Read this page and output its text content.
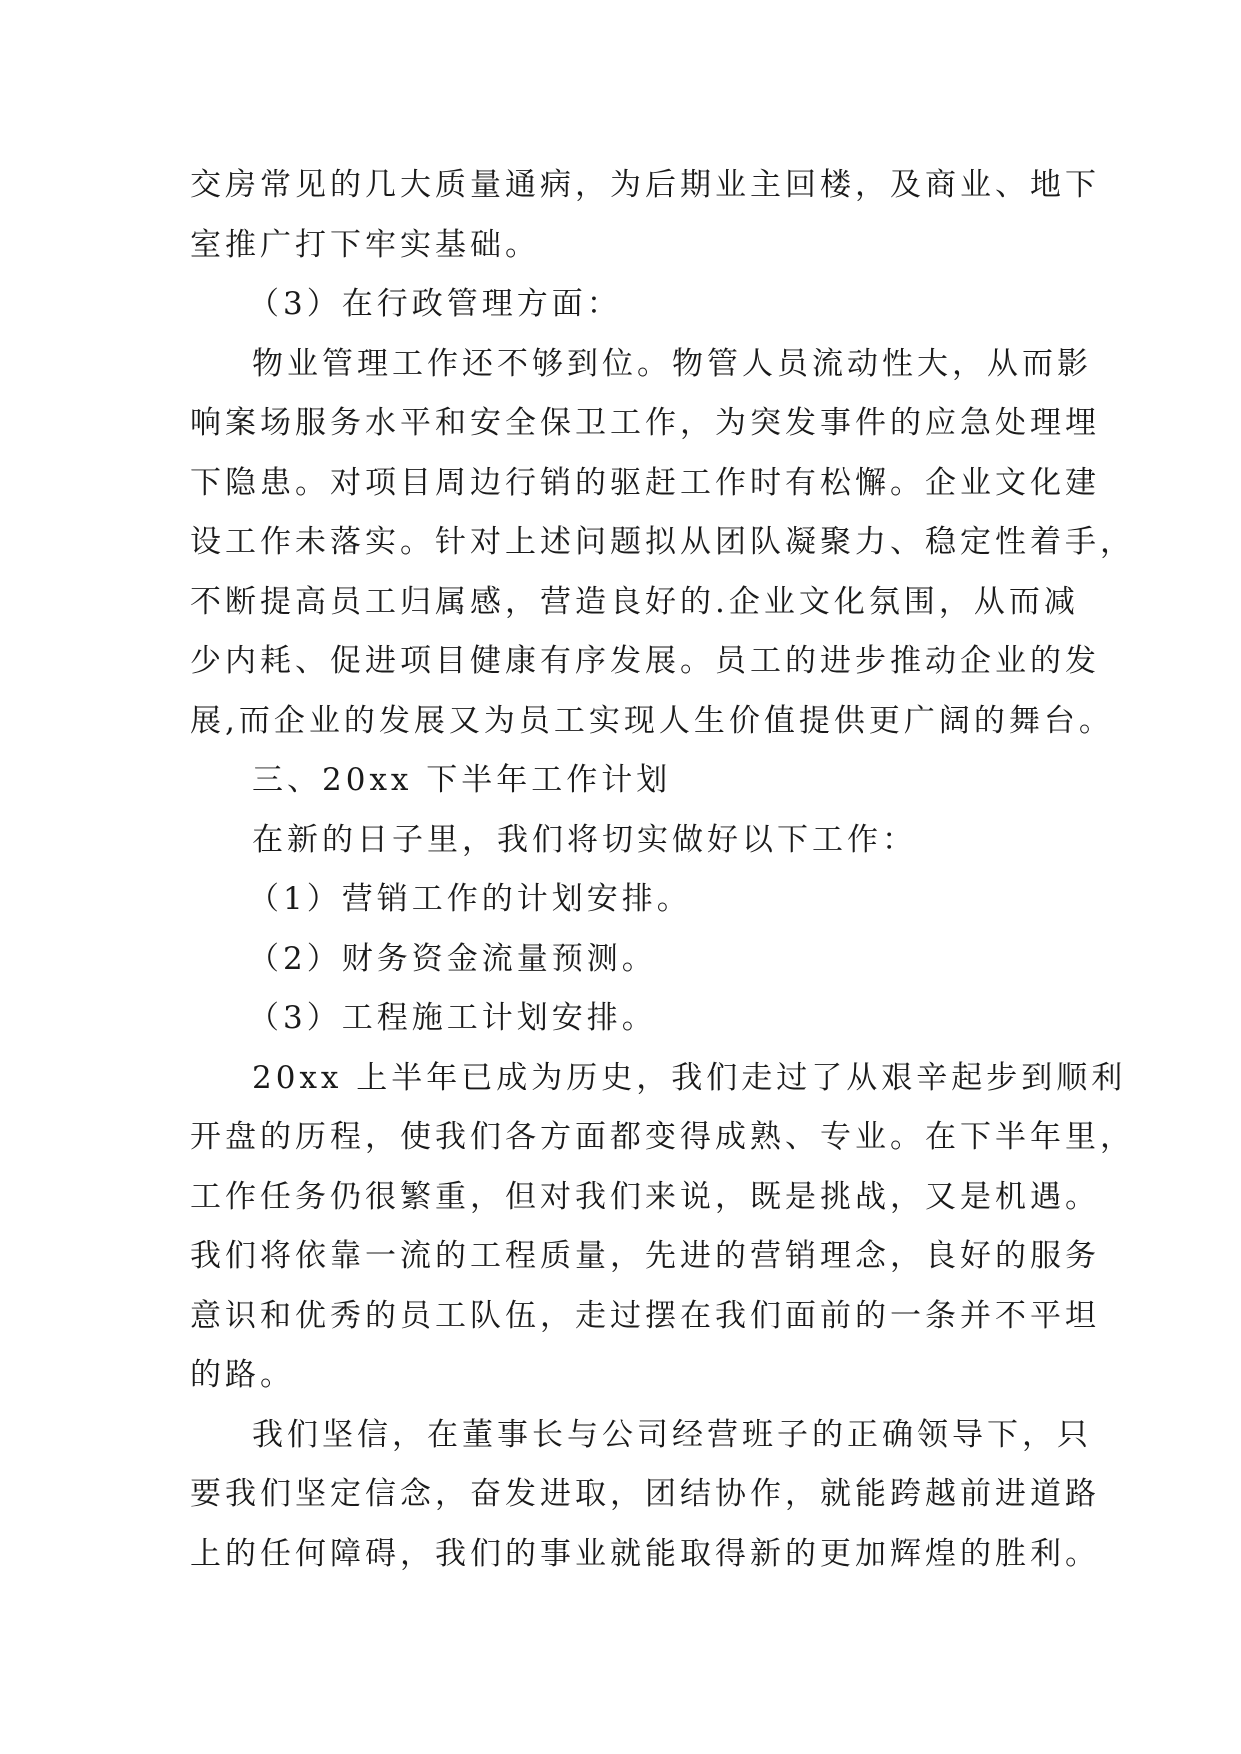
交房常见的几大质量通病，为后期业主回楼，及商业、地下
室推广打下牢实基础。
（3）在行政管理方面：
物业管理工作还不够到位。物管人员流动性大，从而影
响案场服务水平和安全保卫工作，为突发事件的应急处理埋
下隐患。对项目周边行销的驱赶工作时有松懈。企业文化建
设工作未落实。针对上述问题拟从团队凝聚力、稳定性着手，
不断提高员工归属感，营造良好的.企业文化氛围，从而减
少内耗、促进项目健康有序发展。员工的进步推动企业的发
展,而企业的发展又为员工实现人生价值提供更广阔的舞台。
三、20xx 下半年工作计划
在新的日子里，我们将切实做好以下工作：
（1）营销工作的计划安排。
（2）财务资金流量预测。
（3）工程施工计划安排。
20xx 上半年已成为历史，我们走过了从艰辛起步到顺利
开盘的历程，使我们各方面都变得成熟、专业。在下半年里，
工作任务仍很繁重，但对我们来说，既是挑战，又是机遇。
我们将依靠一流的工程质量，先进的营销理念，良好的服务
意识和优秀的员工队伍，走过摆在我们面前的一条并不平坦
的路。
我们坚信，在董事长与公司经营班子的正确领导下，只
要我们坚定信念，奋发进取，团结协作，就能跨越前进道路
上的任何障碍，我们的事业就能取得新的更加辉煌的胜利。
